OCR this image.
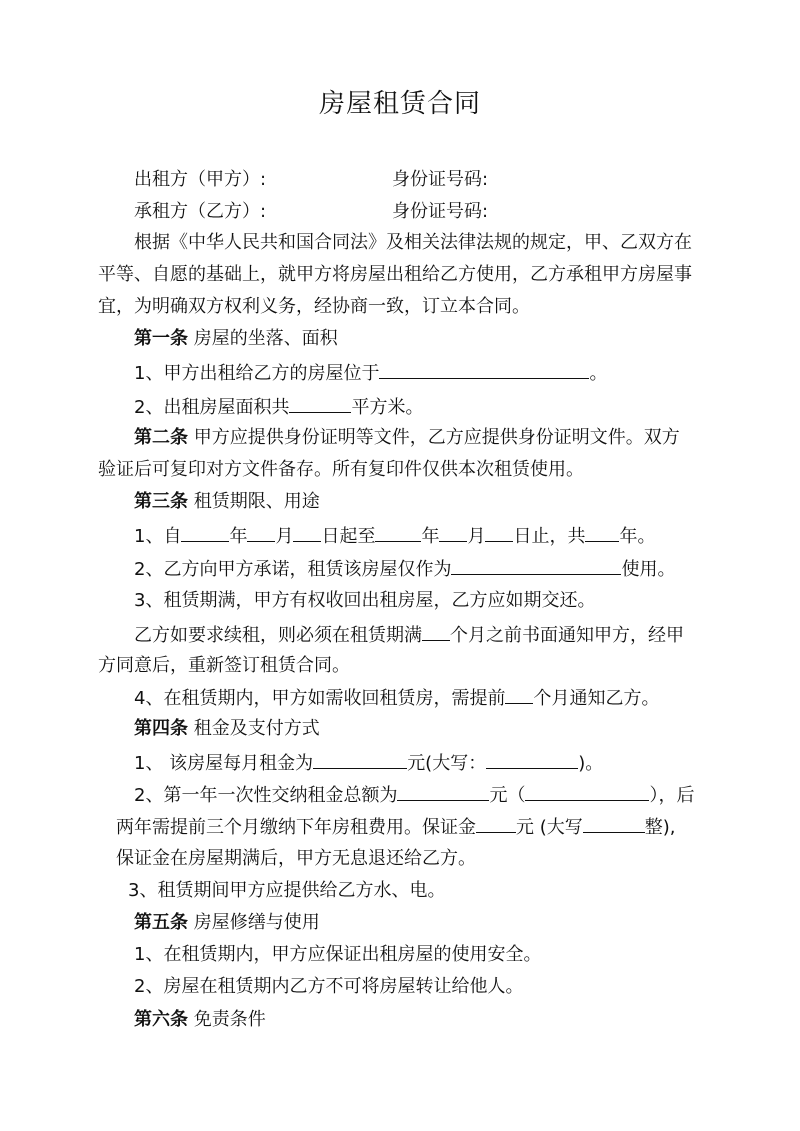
房屋租赁合同
出租方（甲方）:	身份证号码:
承租方（乙方）:	身份证号码:
根据《中华人民共和国合同法》及相关法律法规的规定，甲、乙双方在
平等、自愿的基础上，就甲方将房屋出租给乙方使用，乙方承租甲方房屋事
宜，为明确双方权利义务，经协商一致，订立本合同。
第一条 房屋的坐落、面积
1、甲方出租给乙方的房屋位于	。
2、出租房屋面积共	平方米。
第二条 甲方应提供身份证明等文件，乙方应提供身份证明文件。双方
验证后可复印对方文件备存。所有复印件仅供本次租赁使用。
第三条 租赁期限、用途
1、自	年 月 日起至	年 月 日止，共 年。
2、乙方向甲方承诺，租赁该房屋仅作为	使用。
3、租赁期满，甲方有权收回出租房屋，乙方应如期交还。
乙方如要求续租，则必须在租赁期满 个月之前书面通知甲方，经甲
方同意后，重新签订租赁合同。
4、在租赁期内，甲方如需收回租赁房，需提前 个月通知乙方。
第四条 租金及支付方式
1、 该房屋每月租金为	元(大写：	)。
2、第一年一次性交纳租金总额为	元（	），后
两年需提前三个月缴纳下年房租费用。保证金 元 (大写	整),
保证金在房屋期满后，甲方无息退还给乙方。
3、租赁期间甲方应提供给乙方水、电。
第五条 房屋修缮与使用
1、在租赁期内，甲方应保证出租房屋的使用安全。
2、房屋在租赁期内乙方不可将房屋转让给他人。
第六条 免责条件
